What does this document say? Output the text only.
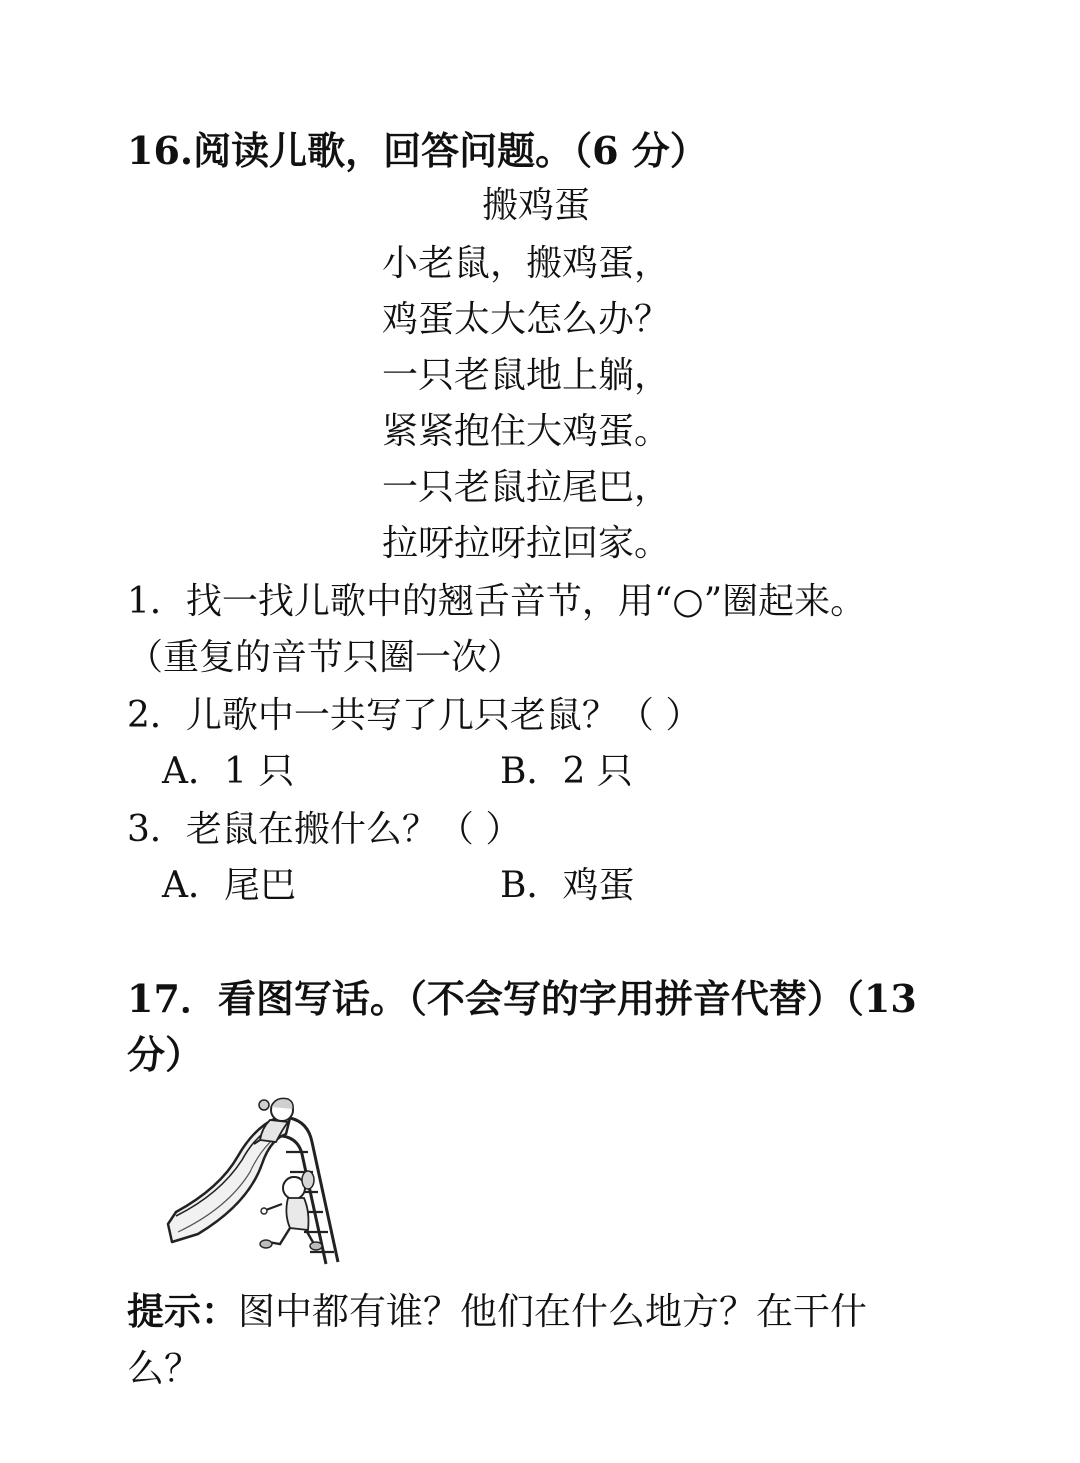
16.阅读儿歌，回答问题。（6 分）
搬鸡蛋
小老鼠，搬鸡蛋，
鸡蛋太大怎么办？
一只老鼠地上躺，
紧紧抱住大鸡蛋。
一只老鼠拉尾巴，
拉呀拉呀拉回家。
1．找一找儿歌中的翘舌音节，用“○”圈起来。
（重复的音节只圈一次）
2．儿歌中一共写了几只老鼠？（ ）
A．1 只	B．2 只
3．老鼠在搬什么？（ ）
A．尾巴	B．鸡蛋
17．看图写话。（不会写的字用拼音代替）（13
分）
提示：图中都有谁？他们在什么地方？在干什
么？
